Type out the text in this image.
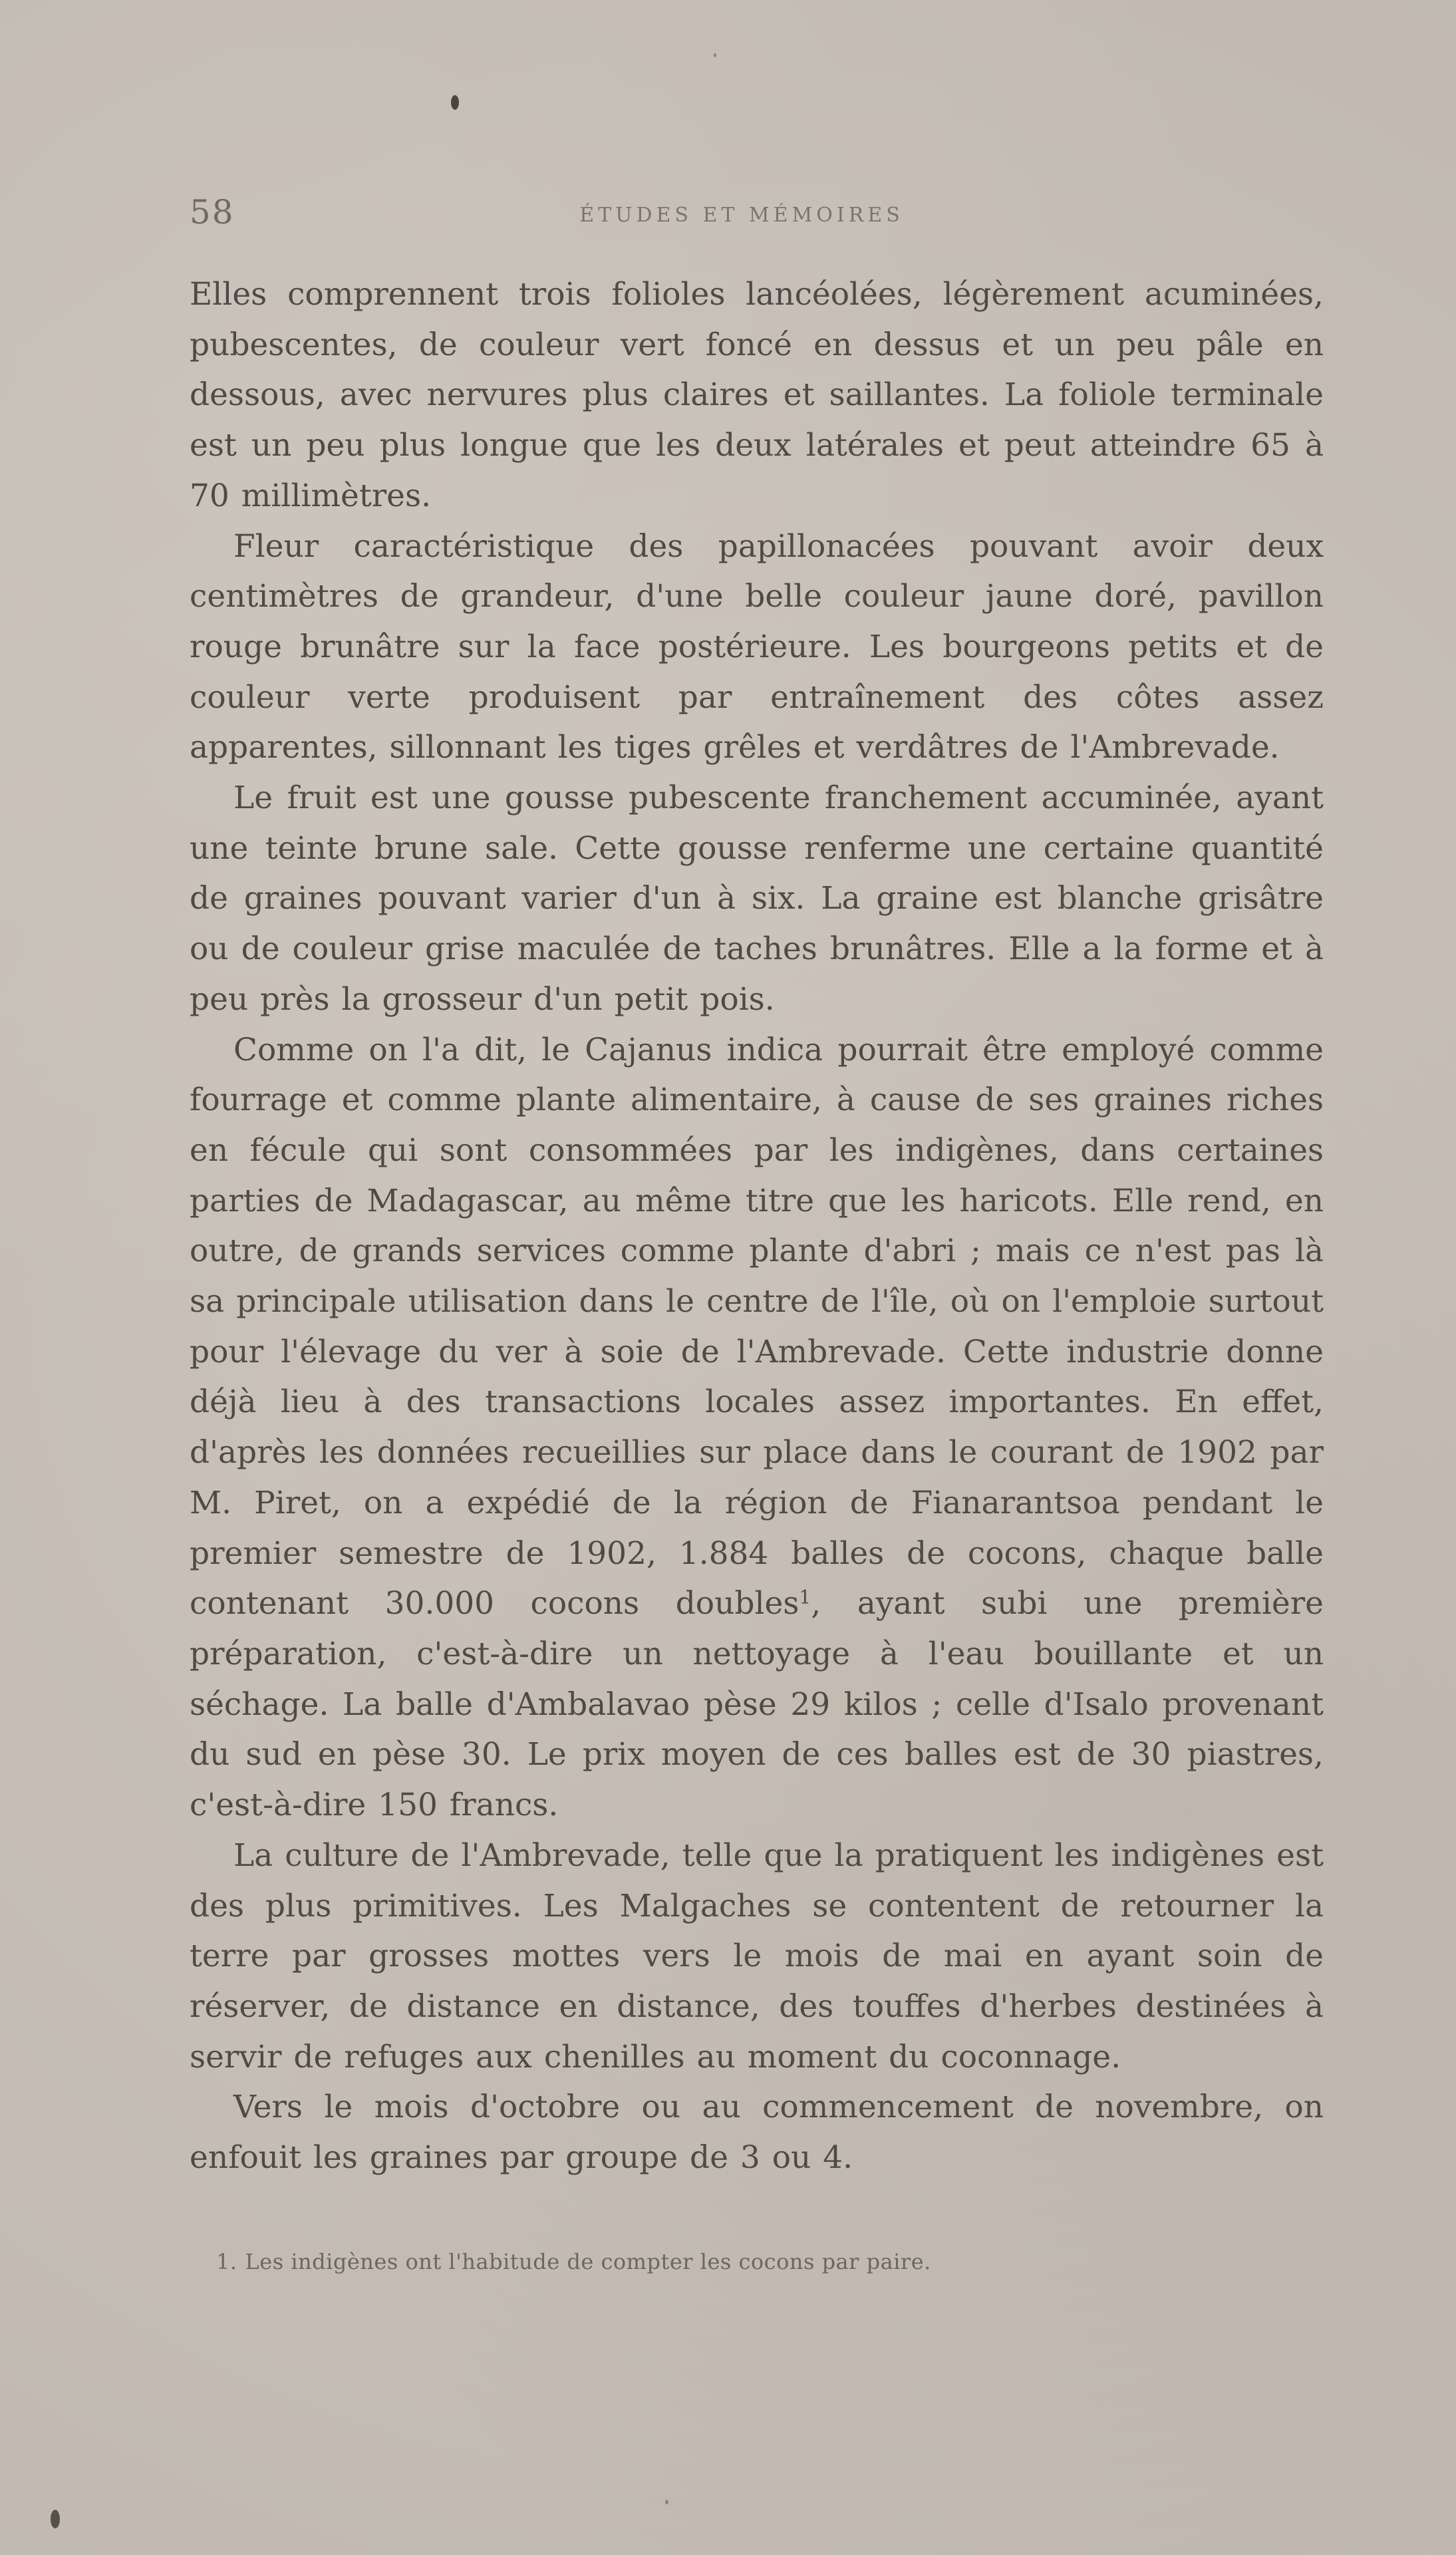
58	ÉTUDES ET MÉMOIRES

Elles comprennent trois folioles lancéolées, légèrement acuminées, pubescentes, de couleur vert foncé en dessus et un peu pâle en dessous, avec nervures plus claires et saillantes. La foliole terminale est un peu plus longue que les deux latérales et peut atteindre 65 à 70 millimètres.

Fleur caractéristique des papillonacées pouvant avoir deux centimètres de grandeur, d'une belle couleur jaune doré, pavillon rouge brunâtre sur la face postérieure. Les bourgeons petits et de couleur verte produisent par entraînement des côtes assez apparentes, sillonnant les tiges grêles et verdâtres de l'Ambrevade.

Le fruit est une gousse pubescente franchement accuminée, ayant une teinte brune sale. Cette gousse renferme une certaine quantité de graines pouvant varier d'un à six. La graine est blanche grisâtre ou de couleur grise maculée de taches brunâtres. Elle a la forme et à peu près la grosseur d'un petit pois.

Comme on l'a dit, le Cajanus indica pourrait être employé comme fourrage et comme plante alimentaire, à cause de ses graines riches en fécule qui sont consommées par les indigènes, dans certaines parties de Madagascar, au même titre que les haricots. Elle rend, en outre, de grands services comme plante d'abri ; mais ce n'est pas là sa principale utilisation dans le centre de l'île, où on l'emploie surtout pour l'élevage du ver à soie de l'Ambrevade. Cette industrie donne déjà lieu à des transactions locales assez importantes. En effet, d'après les données recueillies sur place dans le courant de 1902 par M. Piret, on a expédié de la région de Fianarantsoa pendant le premier semestre de 1902, 1.884 balles de cocons, chaque balle contenant 30.000 cocons doubles$^1$, ayant subi une première préparation, c'est-à-dire un nettoyage à l'eau bouillante et un séchage. La balle d'Ambalavao pèse 29 kilos ; celle d'Isalo provenant du sud en pèse 30. Le prix moyen de ces balles est de 30 piastres, c'est-à-dire 150 francs.

La culture de l'Ambrevade, telle que la pratiquent les indigènes est des plus primitives. Les Malgaches se contentent de retourner la terre par grosses mottes vers le mois de mai en ayant soin de réserver, de distance en distance, des touffes d'herbes destinées à servir de refuges aux chenilles au moment du coconnage.

Vers le mois d'octobre ou au commencement de novembre, on enfouit les graines par groupe de 3 ou 4.

1. Les indigènes ont l'habitude de compter les cocons par paire.
